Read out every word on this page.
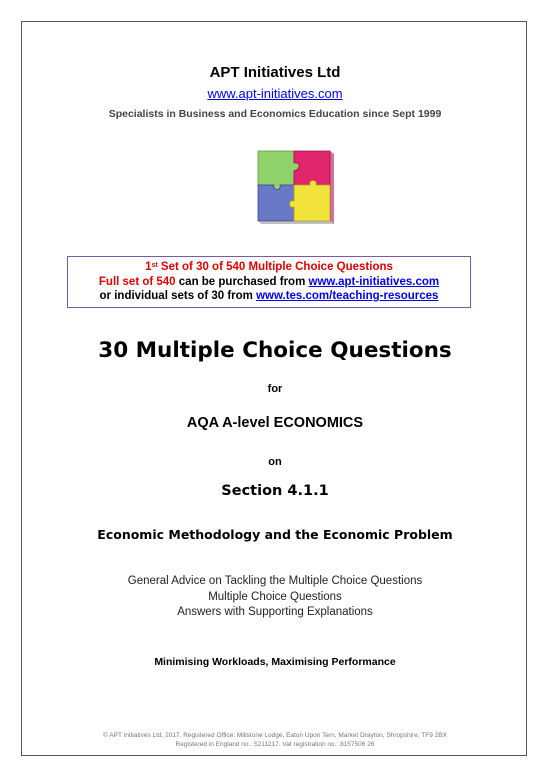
APT Initiatives Ltd
www.apt-initiatives.com
Specialists in Business and Economics Education since Sept 1999
1st Set of 30 of 540 Multiple Choice Questions
Full set of 540 can be purchased from www.apt-initiatives.com
or individual sets of 30 from www.tes.com/teaching-resources
30 Multiple Choice Questions
for
AQA A-level ECONOMICS
on
Section 4.1.1
Economic Methodology and the Economic Problem
General Advice on Tackling the Multiple Choice Questions
Multiple Choice Questions
Answers with Supporting Explanations
Minimising Workloads, Maximising Performance
© APT Initiatives Ltd, 2017. Registered Office: Millstone Lodge, Eaton Upon Tern, Market Drayton, Shropshire, TF9 2BX
Registered in England no.: 5211217. Vat registration no.: 8157506 26
